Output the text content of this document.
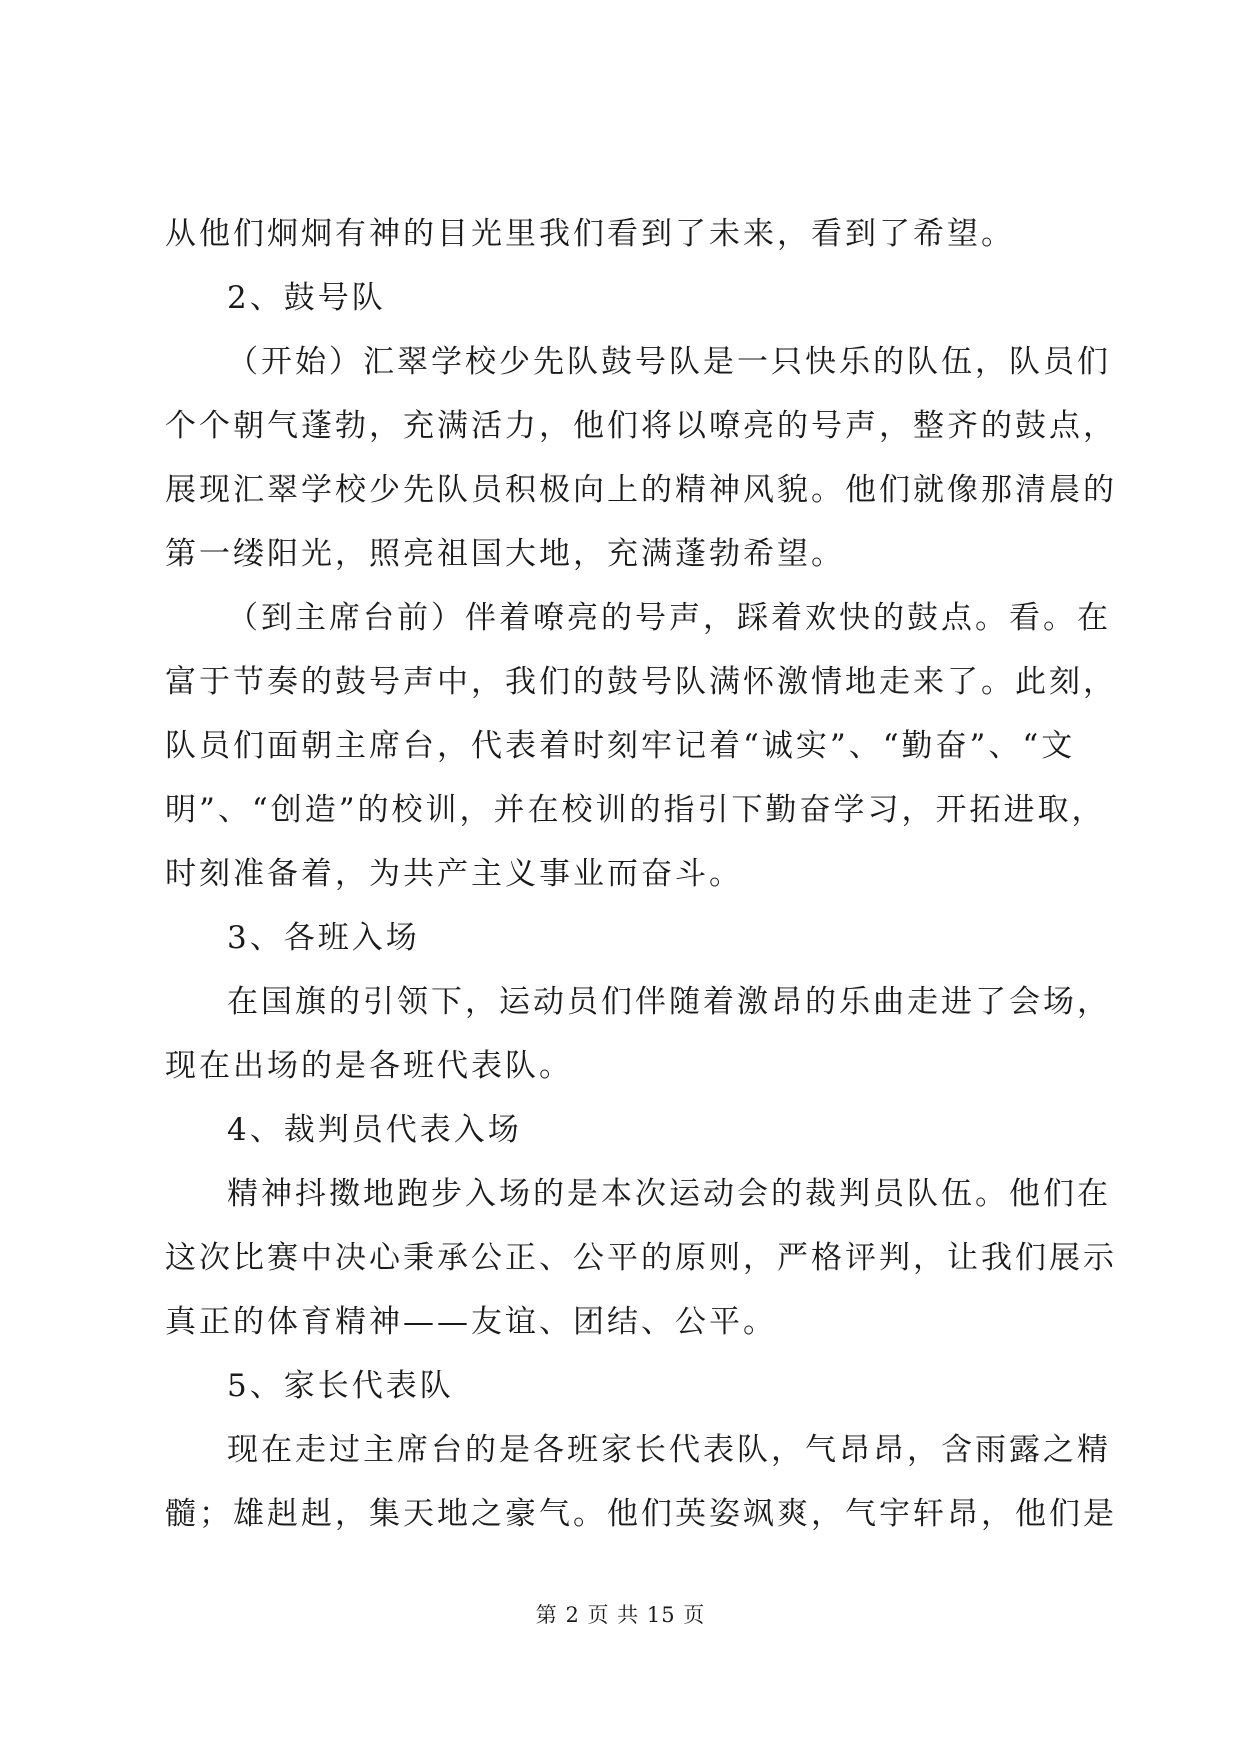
从他们炯炯有神的目光里我们看到了未来，看到了希望。
2、鼓号队
（开始）汇翠学校少先队鼓号队是一只快乐的队伍，队员们
个个朝气蓬勃，充满活力，他们将以嘹亮的号声，整齐的鼓点，
展现汇翠学校少先队员积极向上的精神风貌。他们就像那清晨的
第一缕阳光，照亮祖国大地，充满蓬勃希望。
（到主席台前）伴着嘹亮的号声，踩着欢快的鼓点。看。在
富于节奏的鼓号声中，我们的鼓号队满怀激情地走来了。此刻，
队员们面朝主席台，代表着时刻牢记着“诚实”、“勤奋”、“文
明”、“创造”的校训，并在校训的指引下勤奋学习，开拓进取，
时刻准备着，为共产主义事业而奋斗。
3、各班入场
在国旗的引领下，运动员们伴随着激昂的乐曲走进了会场，
现在出场的是各班代表队。
4、裁判员代表入场
精神抖擞地跑步入场的是本次运动会的裁判员队伍。他们在
这次比赛中决心秉承公正、公平的原则，严格评判，让我们展示
真正的体育精神——友谊、团结、公平。
5、家长代表队
现在走过主席台的是各班家长代表队，气昂昂，含雨露之精
髓；雄赳赳，集天地之豪气。他们英姿飒爽，气宇轩昂，他们是
第 2 页 共 15 页
